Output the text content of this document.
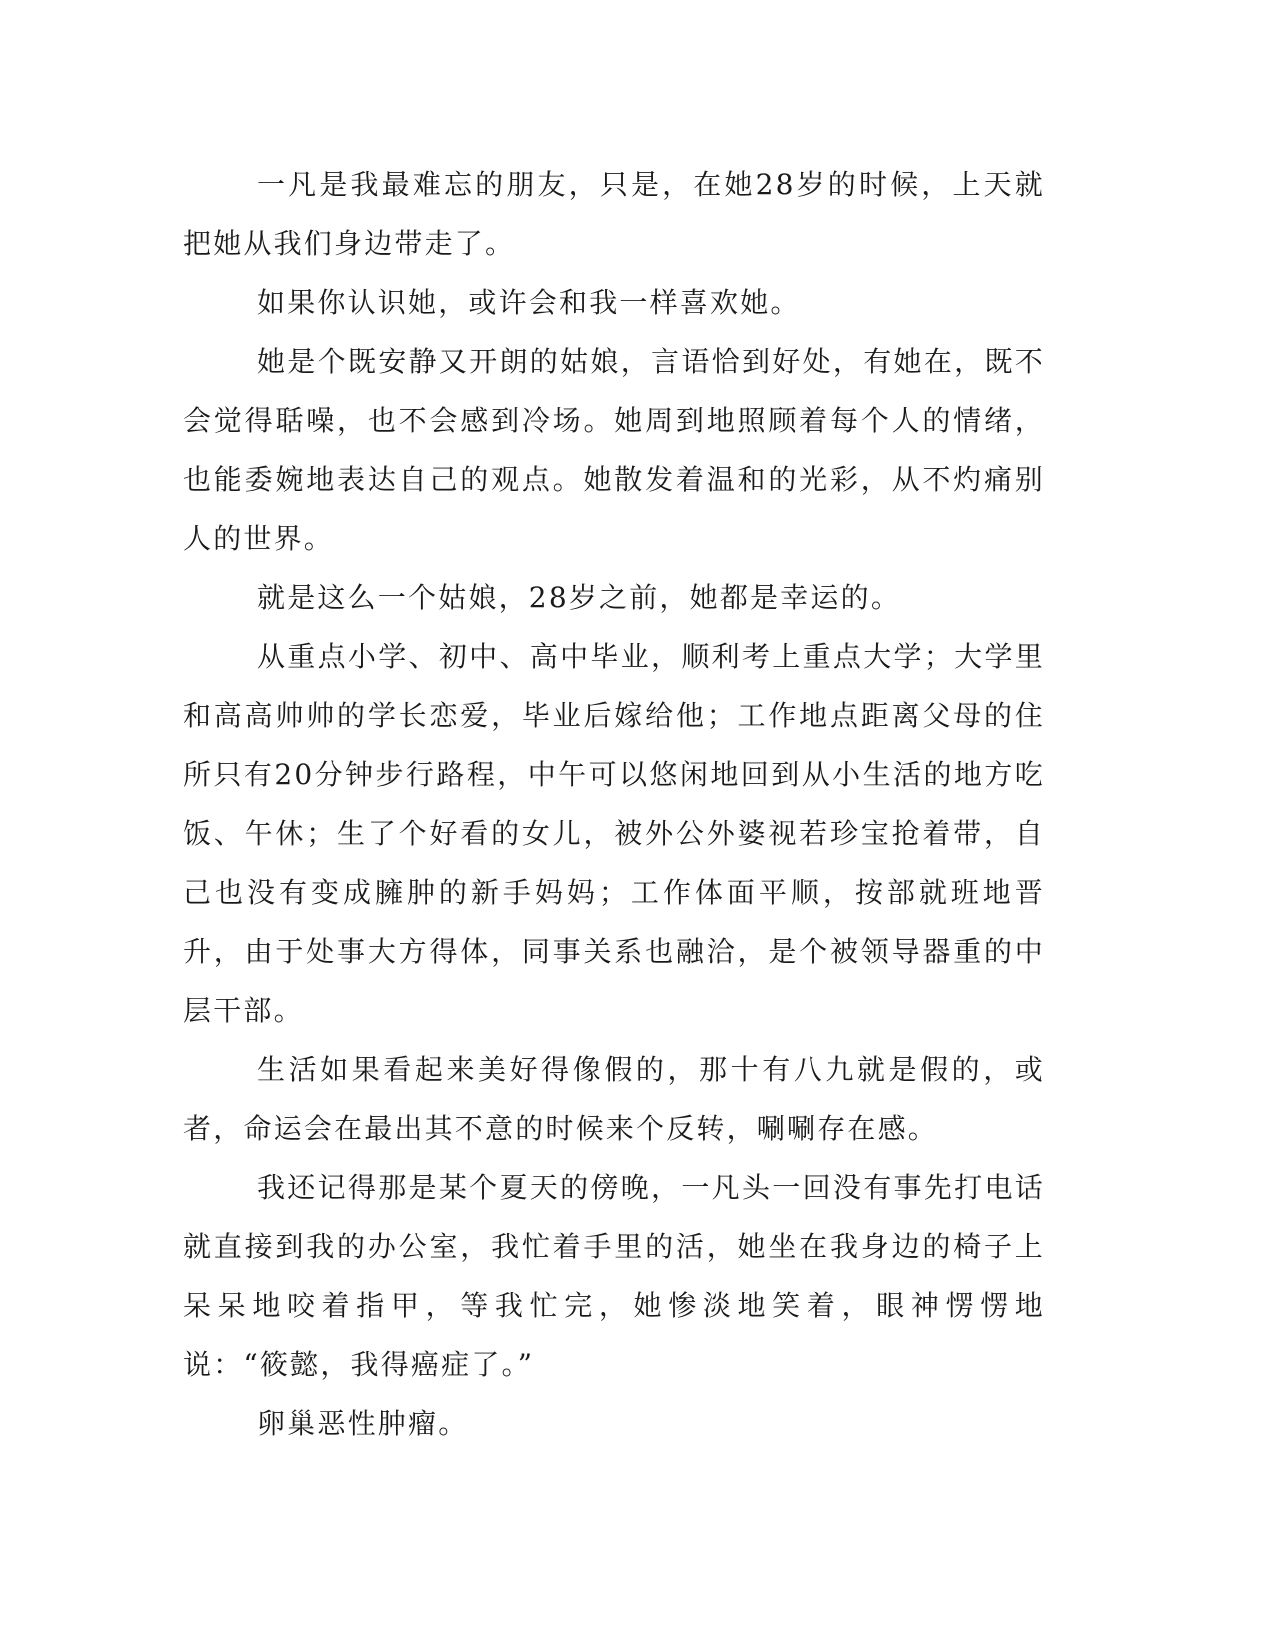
一凡是我最难忘的朋友，只是，在她28岁的时候，上天就把她从我们身边带走了。

如果你认识她，或许会和我一样喜欢她。

她是个既安静又开朗的姑娘，言语恰到好处，有她在，既不会觉得聒噪，也不会感到冷场。她周到地照顾着每个人的情绪，也能委婉地表达自己的观点。她散发着温和的光彩，从不灼痛别人的世界。

就是这么一个姑娘，28岁之前，她都是幸运的。

从重点小学、初中、高中毕业，顺利考上重点大学；大学里和高高帅帅的学长恋爱，毕业后嫁给他；工作地点距离父母的住所只有20分钟步行路程，中午可以悠闲地回到从小生活的地方吃饭、午休；生了个好看的女儿，被外公外婆视若珍宝抢着带，自己也没有变成臃肿的新手妈妈；工作体面平顺，按部就班地晋升，由于处事大方得体，同事关系也融洽，是个被领导器重的中层干部。

生活如果看起来美好得像假的，那十有八九就是假的，或者，命运会在最出其不意的时候来个反转，唰唰存在感。

我还记得那是某个夏天的傍晚，一凡头一回没有事先打电话就直接到我的办公室，我忙着手里的活，她坐在我身边的椅子上呆呆地咬着指甲，等我忙完，她惨淡地笑着，眼神愣愣地说：“筱懿，我得癌症了。”

卵巢恶性肿瘤。
